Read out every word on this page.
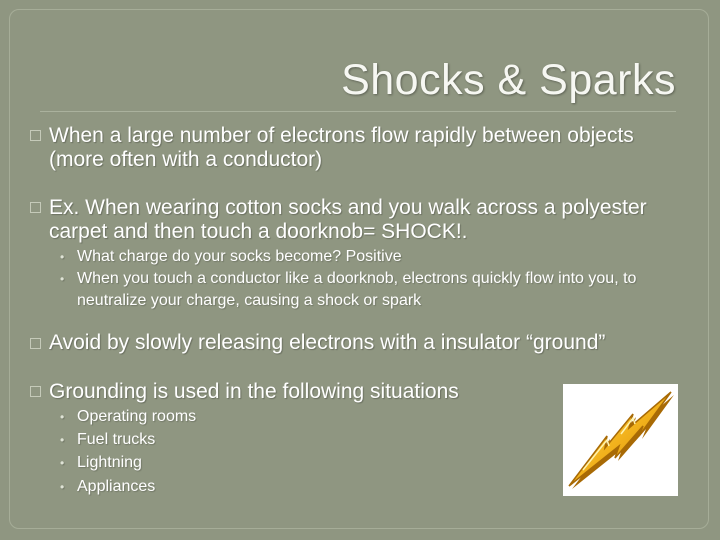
Shocks & Sparks
When a large number of electrons flow rapidly between objects (more often with a conductor)
Ex. When wearing cotton socks and you walk across a polyester carpet and then touch a doorknob= SHOCK!.
• What charge do your socks become? Positive
• When you touch a conductor like a doorknob, electrons quickly flow into you, to neutralize your charge, causing a shock or spark
Avoid by slowly releasing electrons with a insulator “ground”
Grounding is used in the following situations
• Operating rooms
• Fuel trucks
• Lightning
• Appliances
